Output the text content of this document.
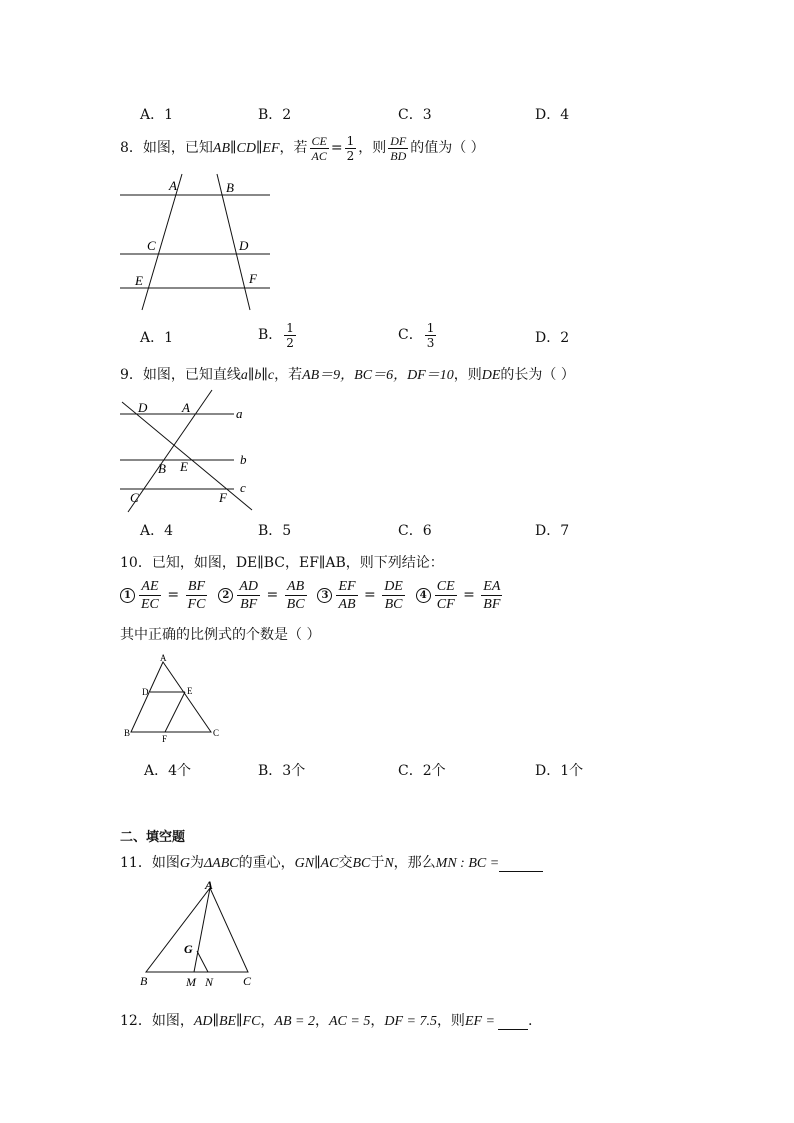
A．1	B．2	C．3	D．4
8．如图，已知AB∥CD∥EF，若 $\frac{CE}{AC} = \frac{1}{2}$ ，则 $\frac{DF}{BD}$ 的值为（ ）
A	B
C	D
E	F
A．1	B． $\frac{1}{2}$	C． $\frac{1}{3}$	D．2
9．如图，已知直线a∥b∥c，若AB＝9，BC＝6，DF＝10，则DE的长为（ ）
D	A	a
B E	b
C	F
c
A．4	B．5	C．6	D．7
10．已知，如图，DE∥BC，EF∥AB，则下列结论：
$1 \frac{AE}{EC} = \frac{BF}{FC} 2 \frac{AD}{BF} = \frac{AB}{BC} 3 \frac{EF}{AB} = \frac{DE}{BC} 4 \frac{CE}{CF} = \frac{EA}{BF}$
其中正确的比例式的个数是（ ）
A
D	E
B
F
C
A．4个	B．3个	C．2个	D．1个
二、填空题
11．如图G为ΔABC的重心，GN∥AC交BC于N，那么MN : BC =
A
G
B	M N C
12．如图，AD∥BE∥FC，AB = 2，AC = 5，DF = 7.5，则EF = .
